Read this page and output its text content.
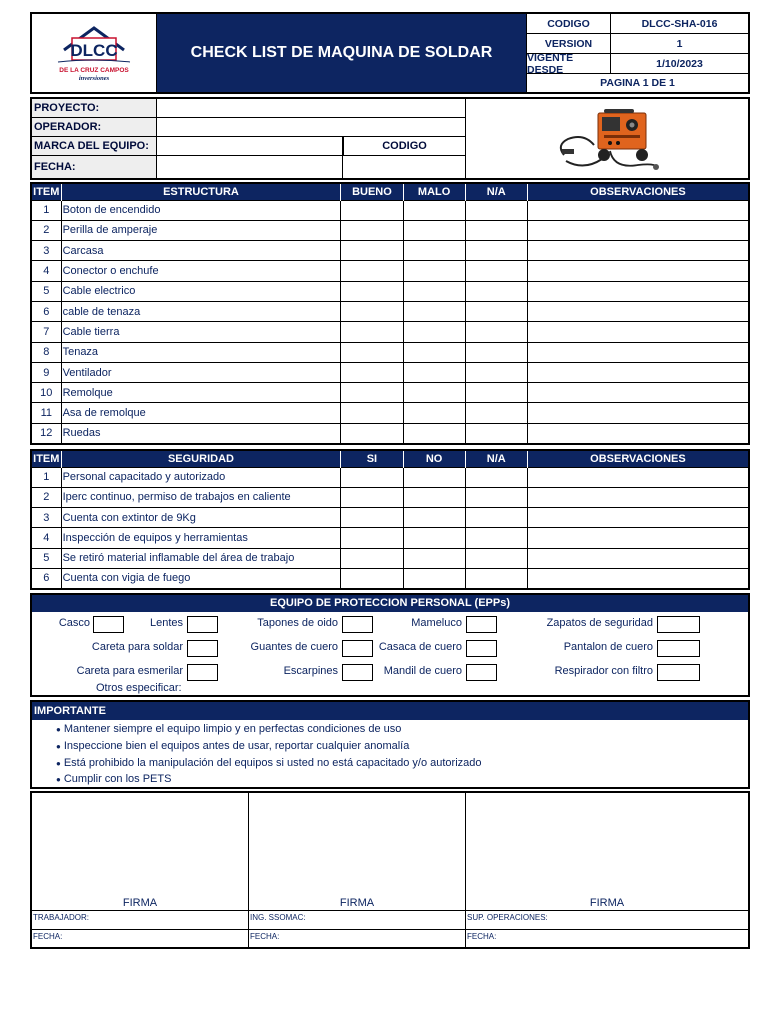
DLCC
DE LA CRUZ CAMPOS
inversiones
CHECK LIST DE MAQUINA DE SOLDAR
CODIGO	DLCC-SHA-016
VERSION	1
VIGENTE DESDE	1/10/2023
PAGINA 1 DE 1
PROYECTO:
OPERADOR:
MARCA DEL EQUIPO:	CODIGO
FECHA:
ITEM	ESTRUCTURA	BUENO	MALO	N/A	OBSERVACIONES
1	Boton de encendido				
2	Perilla de amperaje				
3	Carcasa				
4	Conector o enchufe				
5	Cable electrico				
6	cable de tenaza				
7	Cable tierra				
8	Tenaza				
9	Ventilador				
10	Remolque				
11	Asa de remolque				
12	Ruedas				
ITEM	SEGURIDAD	SI	NO	N/A	OBSERVACIONES
1	Personal capacitado y autorizado				
2	Iperc continuo, permiso de trabajos en caliente				
3	Cuenta con extintor de 9Kg				
4	Inspección de equipos y herramientas				
5	Se retiró material inflamable del área de trabajo				
6	Cuenta con vigia de fuego				
EQUIPO DE PROTECCION PERSONAL (EPPs)
Casco	Lentes	Tapones de oido	Mameluco	Zapatos de seguridad
Careta para soldar	Guantes de cuero	Casaca de cuero	Pantalon de cuero
Careta para esmerilar	Escarpines	Mandil de cuero	Respirador con filtro
Otros especificar:
IMPORTANTE
● Mantener siempre el equipo limpio y en perfectas condiciones de uso
● Inspeccione bien el equipos antes de usar, reportar cualquier anomalía
● Está prohibido la manipulación del equipos si usted no está capacitado y/o autorizado
● Cumplir con los PETS
FIRMA
TRABAJADOR:
FECHA:
FIRMA
ING. SSOMAC:
FECHA:
FIRMA
SUP. OPERACIONES:
FECHA:
